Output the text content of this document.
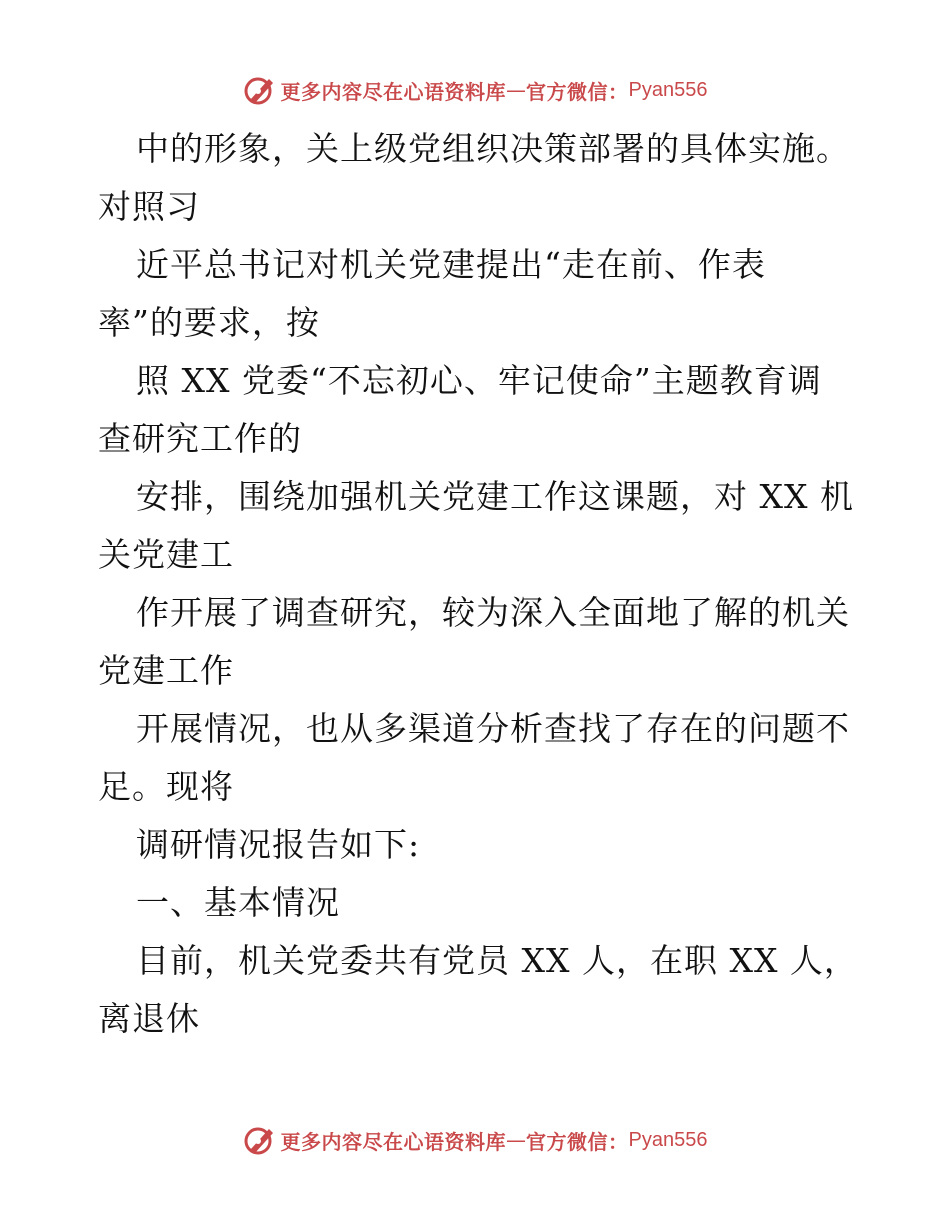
更多内容尽在心语资料库 — 官方微信： Pyan556
中的形象，关上级党组织决策部署的具体实施。
对照习
近平总书记对机关党建提出“走在前、作表
率”的要求，按
照 XX 党委“不忘初心、牢记使命”主题教育调
查研究工作的
安排，围绕加强机关党建工作这课题，对 XX 机
关党建工
作开展了调查研究，较为深入全面地了解的机关
党建工作
开展情况，也从多渠道分析查找了存在的问题不
足。现将
调研情况报告如下:
一、基本情况
目前，机关党委共有党员 XX 人，在职 XX 人，
离退休
更多内容尽在心语资料库 — 官方微信： Pyan556
